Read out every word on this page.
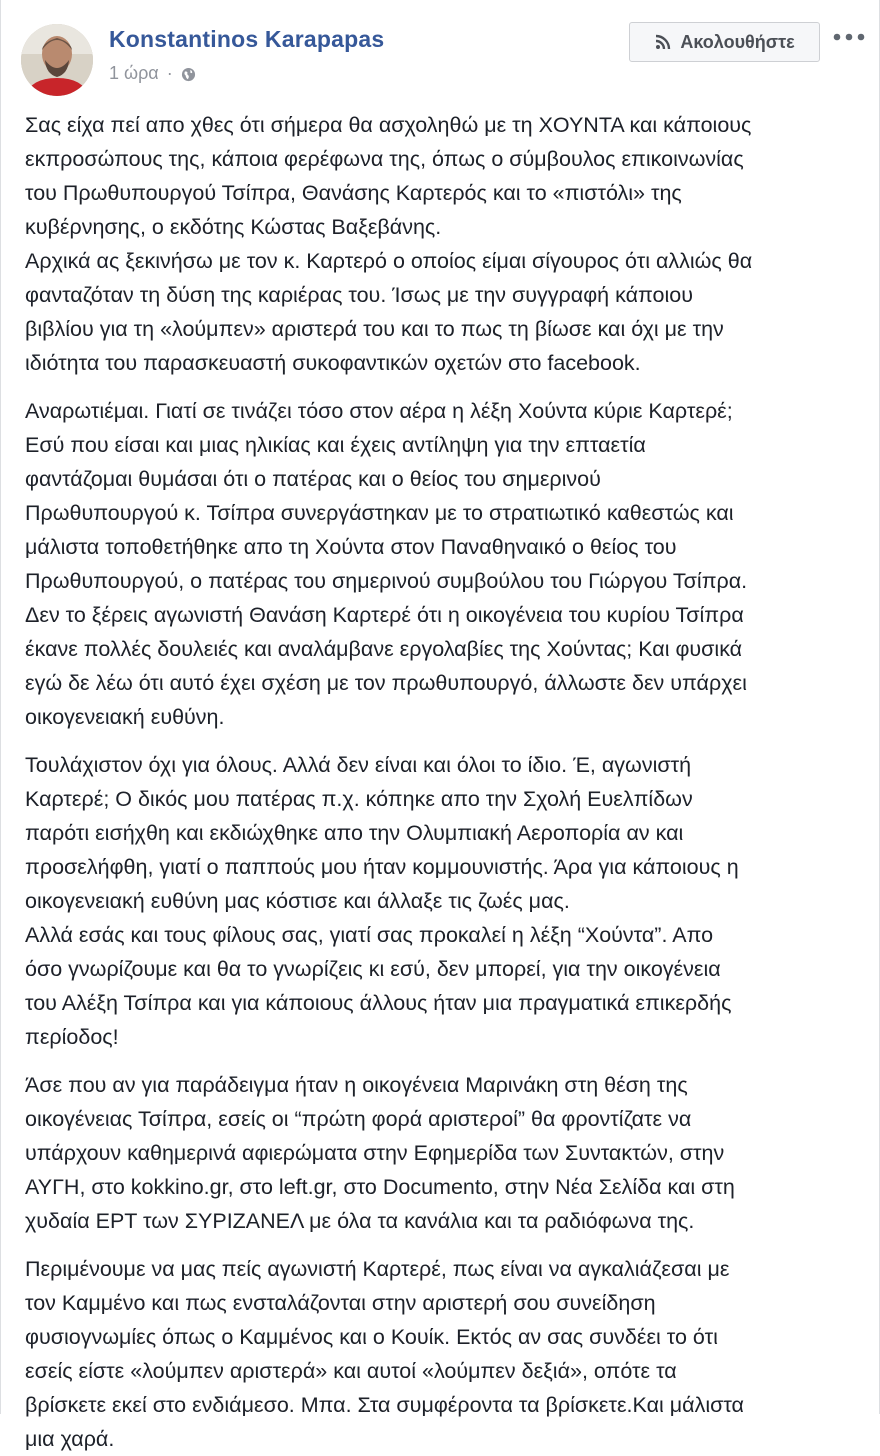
Konstantinos Karapapas
1 ώρα ·
Ακολουθήστε

Σας είχα πεί απο χθες ότι σήμερα θα ασχοληθώ με τη ΧΟΥΝΤΑ και κάποιους
εκπροσώπους της, κάποια φερέφωνα της, όπως ο σύμβουλος επικοινωνίας
του Πρωθυπουργού Τσίπρα, Θανάσης Καρτερός και το «πιστόλι» της
κυβέρνησης, ο εκδότης Κώστας Βαξεβάνης.
Αρχικά ας ξεκινήσω με τον κ. Καρτερό ο οποίος είμαι σίγουρος ότι αλλιώς θα
φανταζόταν τη δύση της καριέρας του. Ίσως με την συγγραφή κάποιου
βιβλίου για τη «λούμπεν» αριστερά του και το πως τη βίωσε και όχι με την
ιδιότητα του παρασκευαστή συκοφαντικών οχετών στο facebook.

Αναρωτιέμαι. Γιατί σε τινάζει τόσο στον αέρα η λέξη Χούντα κύριε Καρτερέ;
Εσύ που είσαι και μιας ηλικίας και έχεις αντίληψη για την επταετία
φαντάζομαι θυμάσαι ότι ο πατέρας και ο θείος του σημερινού
Πρωθυπουργού κ. Τσίπρα συνεργάστηκαν με το στρατιωτικό καθεστώς και
μάλιστα τοποθετήθηκε απο τη Χούντα στον Παναθηναικό ο θείος του
Πρωθυπουργού, ο πατέρας του σημερινού συμβούλου του Γιώργου Τσίπρα.
Δεν το ξέρεις αγωνιστή Θανάση Καρτερέ ότι η οικογένεια του κυρίου Τσίπρα
έκανε πολλές δουλειές και αναλάμβανε εργολαβίες της Χούντας; Και φυσικά
εγώ δε λέω ότι αυτό έχει σχέση με τον πρωθυπουργό, άλλωστε δεν υπάρχει
οικογενειακή ευθύνη.

Τουλάχιστον όχι για όλους. Αλλά δεν είναι και όλοι το ίδιο. Έ, αγωνιστή
Καρτερέ; Ο δικός μου πατέρας π.χ. κόπηκε απο την Σχολή Ευελπίδων
παρότι εισήχθη και εκδιώχθηκε απο την Ολυμπιακή Αεροπορία αν και
προσελήφθη, γιατί ο παππούς μου ήταν κομμουνιστής. Άρα για κάποιους η
οικογενειακή ευθύνη μας κόστισε και άλλαξε τις ζωές μας.
Αλλά εσάς και τους φίλους σας, γιατί σας προκαλεί η λέξη “Χούντα”. Απο
όσο γνωρίζουμε και θα το γνωρίζεις κι εσύ, δεν μπορεί, για την οικογένεια
του Αλέξη Τσίπρα και για κάποιους άλλους ήταν μια πραγματικά επικερδής
περίοδος!

Άσε που αν για παράδειγμα ήταν η οικογένεια Μαρινάκη στη θέση της
οικογένειας Τσίπρα, εσείς οι “πρώτη φορά αριστεροί” θα φροντίζατε να
υπάρχουν καθημερινά αφιερώματα στην Εφημερίδα των Συντακτών, στην
ΑΥΓΗ, στο kokkino.gr, στο left.gr, στο Documento, στην Νέα Σελίδα και στη
χυδαία ΕΡΤ των ΣΥΡΙΖΑΝΕΛ με όλα τα κανάλια και τα ραδιόφωνα της.

Περιμένουμε να μας πείς αγωνιστή Καρτερέ, πως είναι να αγκαλιάζεσαι με
τον Καμμένο και πως ενσταλάζονται στην αριστερή σου συνείδηση
φυσιογνωμίες όπως ο Καμμένος και ο Κουίκ. Εκτός αν σας συνδέει το ότι
εσείς είστε «λούμπεν αριστερά» και αυτοί «λούμπεν δεξιά», οπότε τα
βρίσκετε εκεί στο ενδιάμεσο. Μπα. Στα συμφέροντα τα βρίσκετε.Και μάλιστα
μια χαρά.
